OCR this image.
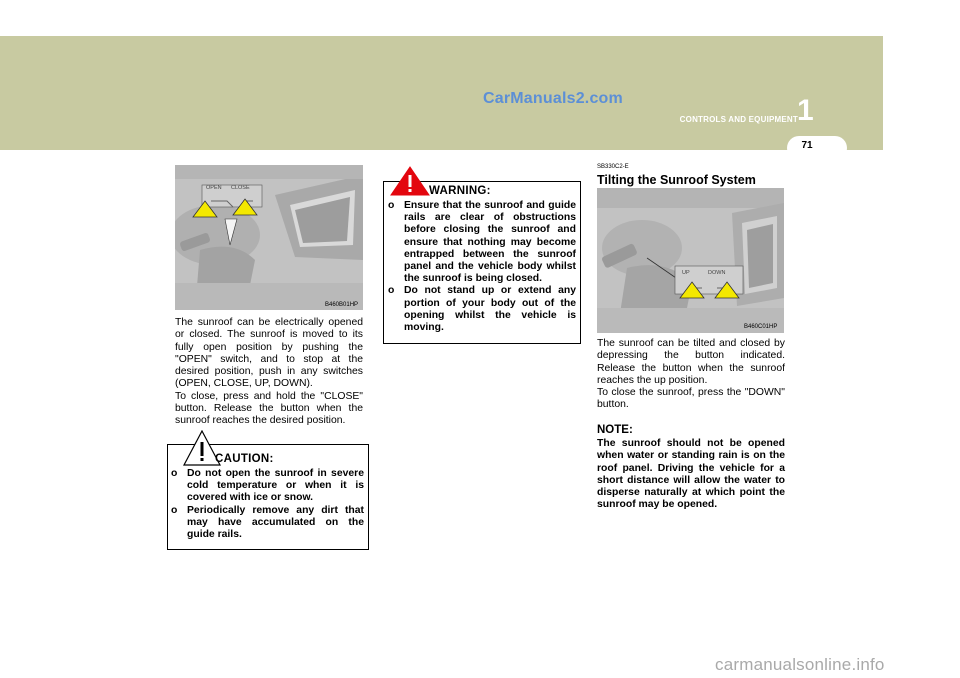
CarManuals2.com	1
CONTROLS AND EQUIPMENT
71
OPEN CLOSE
B460B01HP

The sunroof can be electrically opened or closed. The sunroof is moved to its fully open position by pushing the "OPEN" switch, and to stop at the desired position, push in any switches (OPEN, CLOSE, UP, DOWN).

To close, press and hold the "CLOSE" button. Release the button when the sunroof reaches the desired position.

CAUTION:
o Do not open the sunroof in severe cold temperature or when it is covered with ice or snow.
o Periodically remove any dirt that may have accumulated on the guide rails.
WARNING:
o Ensure that the sunroof and guide rails are clear of obstructions before closing the sunroof and ensure that nothing may become entrapped between the sunroof panel and the vehicle body whilst the sunroof is being closed.
o Do not stand up or extend any portion of your body out of the opening whilst the vehicle is moving.
SB330C2-E
Tilting the Sunroof System
UP	DOWN
B460C01HP

The sunroof can be tilted and closed by depressing the button indicated. Release the button when the sunroof reaches the up position.

To close the sunroof, press the "DOWN" button.

NOTE:
The sunroof should not be opened when water or standing rain is on the roof panel. Driving the vehicle for a short distance will allow the water to disperse naturally at which point the sunroof may be opened.
carmanualsonline.info
